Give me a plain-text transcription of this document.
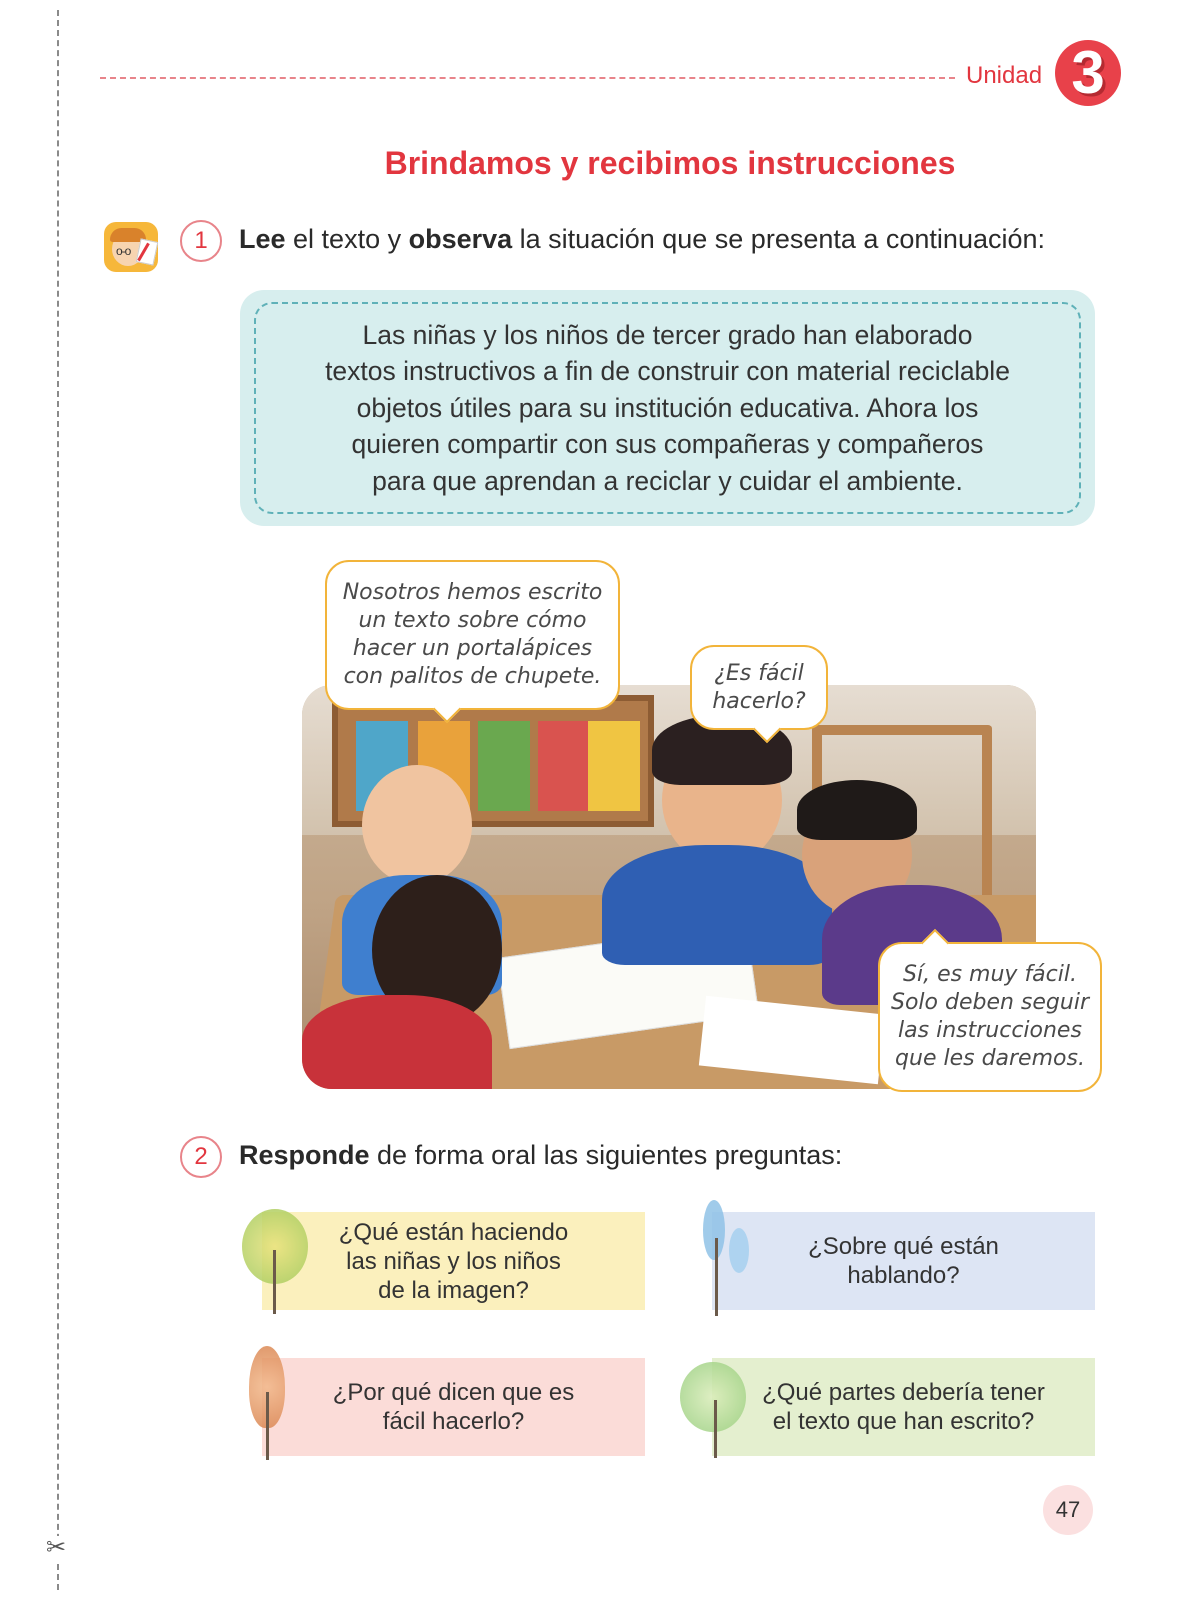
✂
Unidad 3
Brindamos y recibimos instrucciones
o-o	1	Lee el texto y observa la situación que se presenta a continuación:

Las niñas y los niños de tercer grado han elaborado
textos instructivos a fin de construir con material reciclable
objetos útiles para su institución educativa. Ahora los
quieren compartir con sus compañeras y compañeros
para que aprendan a reciclar y cuidar el ambiente.

Nosotros hemos escrito
un texto sobre cómo
hacer un portalápices
con palitos de chupete.	¿Es fácil
hacerlo?
Sí, es muy fácil.
Solo deben seguir
las instrucciones
que les daremos.
2	Responde de forma oral las siguientes preguntas:

¿Qué están haciendo
las niñas y los niños
de la imagen?

¿Sobre qué están
hablando?

¿Por qué dicen que es
fácil hacerlo?

¿Qué partes debería tener
el texto que han escrito?

47
